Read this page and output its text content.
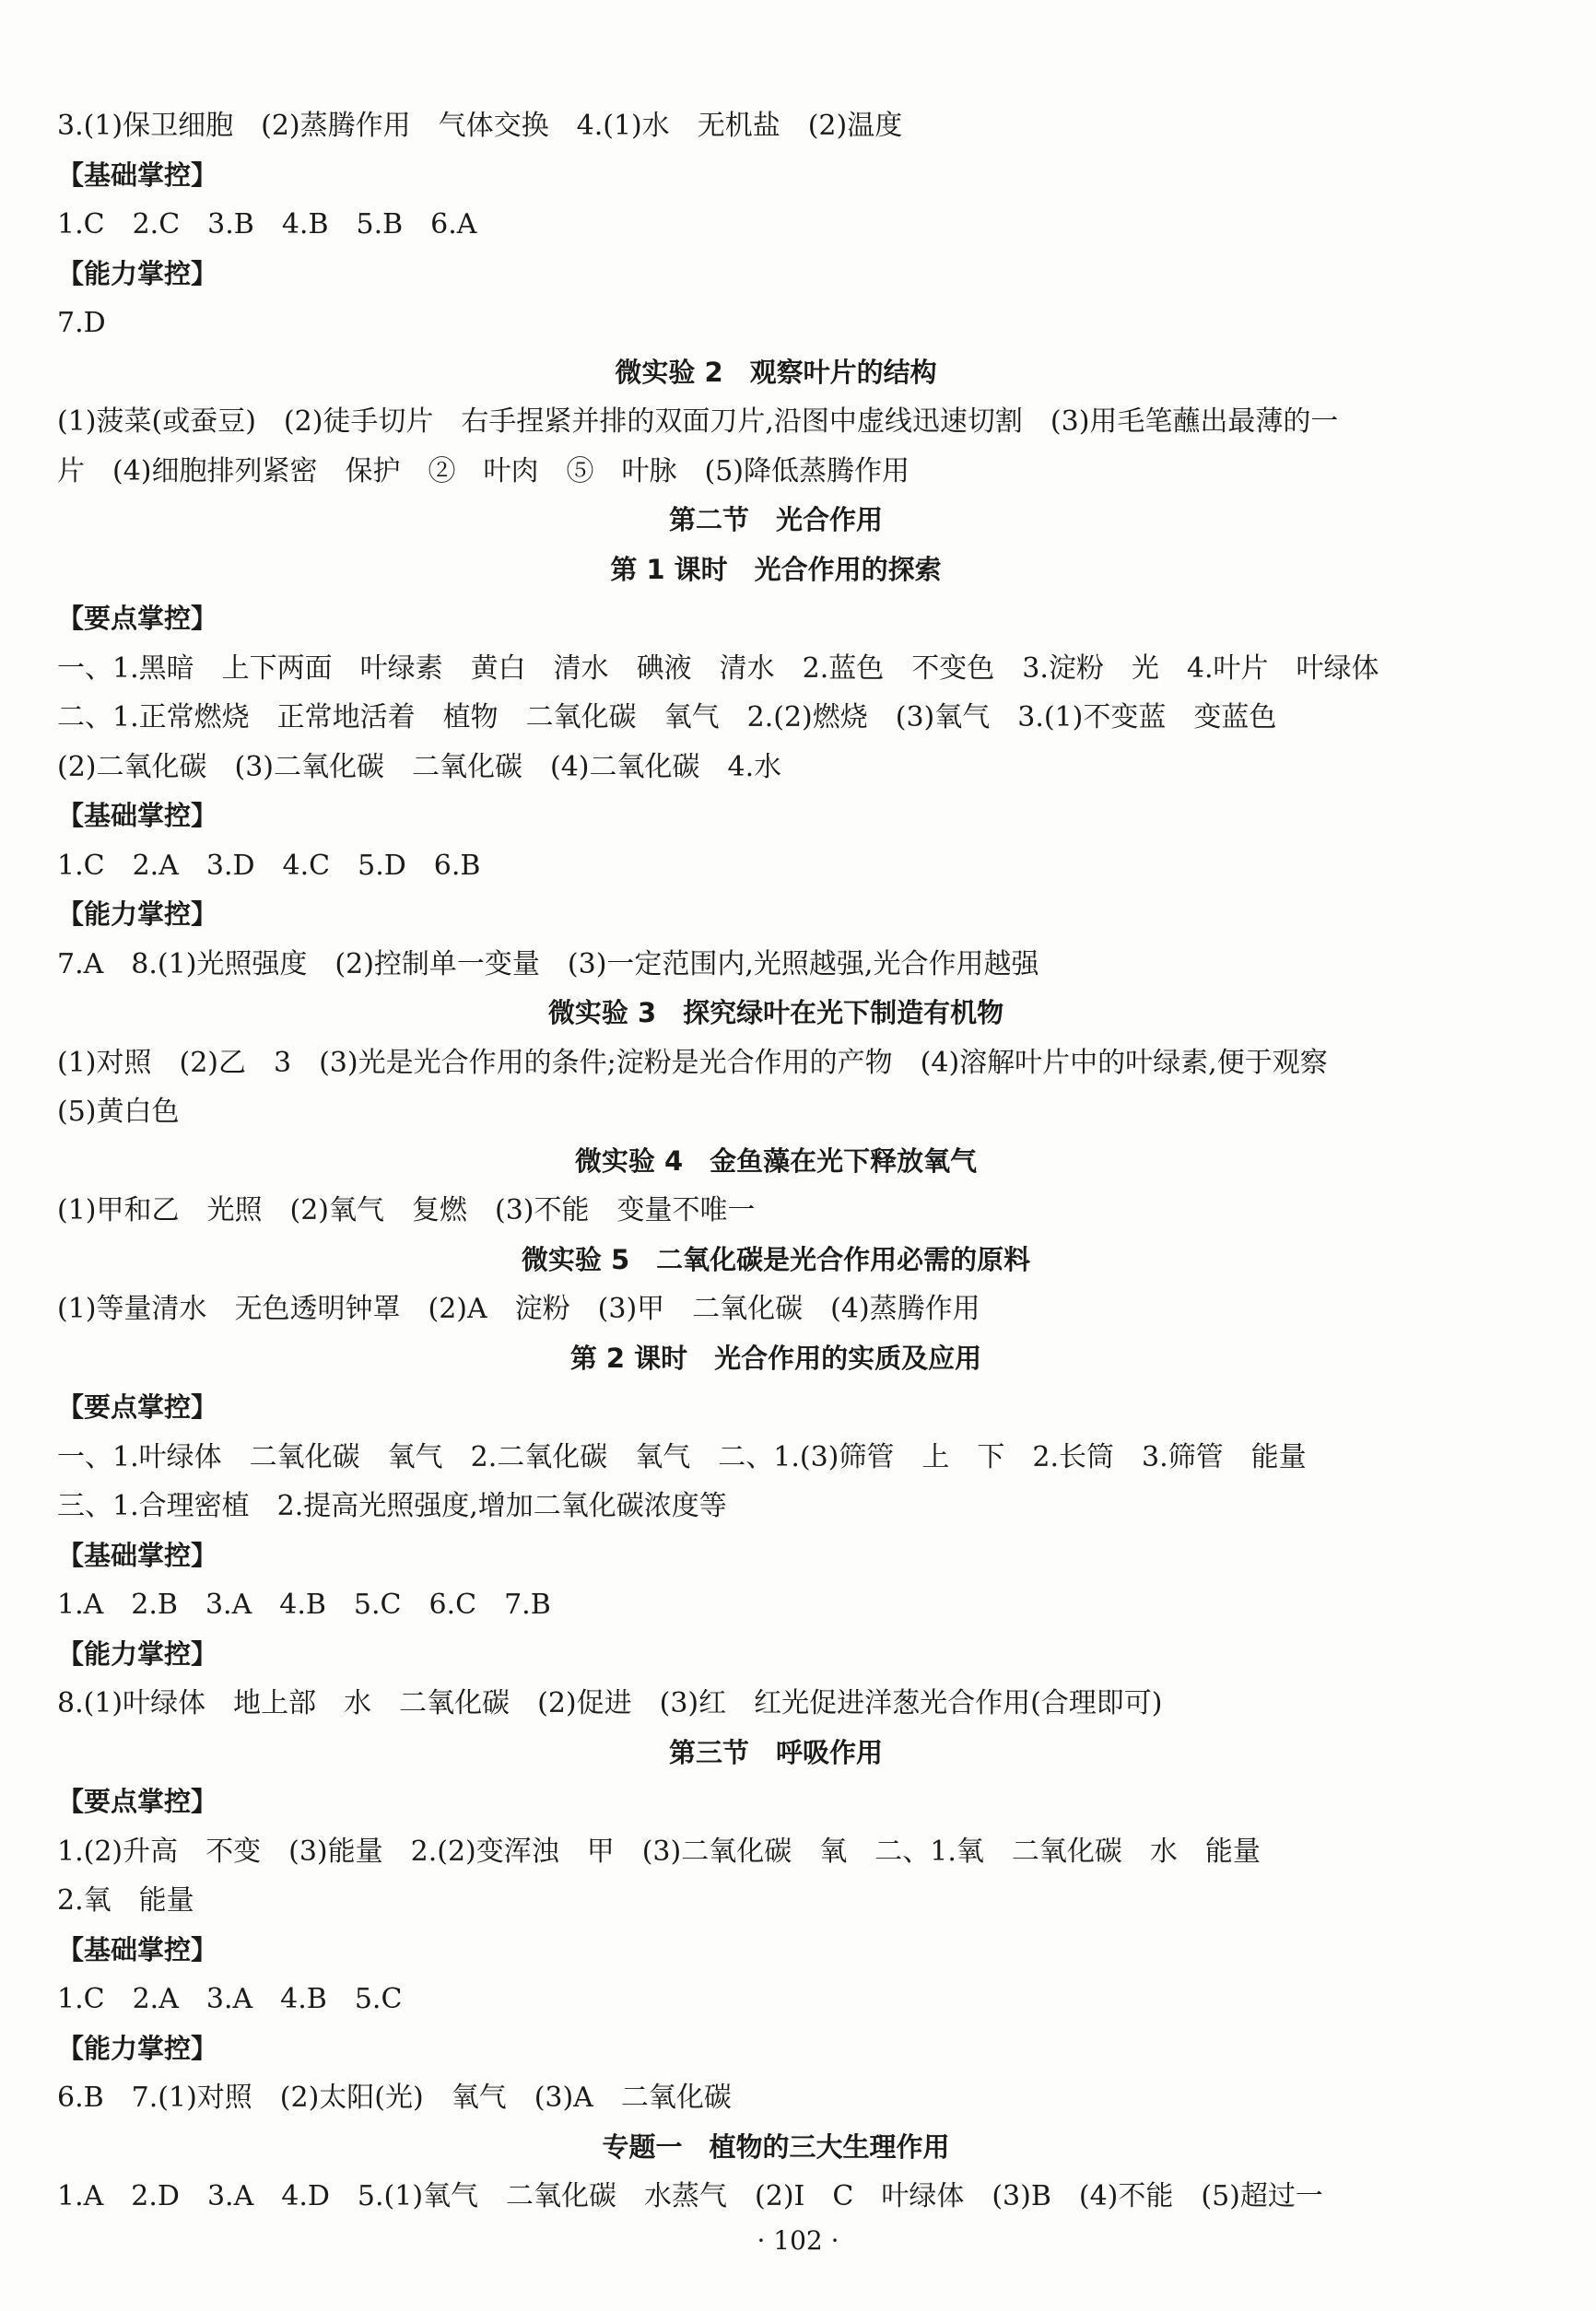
3.(1)保卫细胞　(2)蒸腾作用　气体交换　4.(1)水　无机盐　(2)温度
【基础掌控】
1.C　2.C　3.B　4.B　5.B　6.A
【能力掌控】
7.D
微实验 2　观察叶片的结构
(1)菠菜(或蚕豆)　(2)徒手切片　右手捏紧并排的双面刀片,沿图中虚线迅速切割　(3)用毛笔蘸出最薄的一
片　(4)细胞排列紧密　保护　②　叶肉　⑤　叶脉　(5)降低蒸腾作用
第二节　光合作用
第 1 课时　光合作用的探索
【要点掌控】
一、1.黑暗　上下两面　叶绿素　黄白　清水　碘液　清水　2.蓝色　不变色　3.淀粉　光　4.叶片　叶绿体
二、1.正常燃烧　正常地活着　植物　二氧化碳　氧气　2.(2)燃烧　(3)氧气　3.(1)不变蓝　变蓝色
(2)二氧化碳　(3)二氧化碳　二氧化碳　(4)二氧化碳　4.水
【基础掌控】
1.C　2.A　3.D　4.C　5.D　6.B
【能力掌控】
7.A　8.(1)光照强度　(2)控制单一变量　(3)一定范围内,光照越强,光合作用越强
微实验 3　探究绿叶在光下制造有机物
(1)对照　(2)乙　3　(3)光是光合作用的条件;淀粉是光合作用的产物　(4)溶解叶片中的叶绿素,便于观察
(5)黄白色
微实验 4　金鱼藻在光下释放氧气
(1)甲和乙　光照　(2)氧气　复燃　(3)不能　变量不唯一
微实验 5　二氧化碳是光合作用必需的原料
(1)等量清水　无色透明钟罩　(2)A　淀粉　(3)甲　二氧化碳　(4)蒸腾作用
第 2 课时　光合作用的实质及应用
【要点掌控】
一、1.叶绿体　二氧化碳　氧气　2.二氧化碳　氧气　二、1.(3)筛管　上　下　2.长筒　3.筛管　能量
三、1.合理密植　2.提高光照强度,增加二氧化碳浓度等
【基础掌控】
1.A　2.B　3.A　4.B　5.C　6.C　7.B
【能力掌控】
8.(1)叶绿体　地上部　水　二氧化碳　(2)促进　(3)红　红光促进洋葱光合作用(合理即可)
第三节　呼吸作用
【要点掌控】
1.(2)升高　不变　(3)能量　2.(2)变浑浊　甲　(3)二氧化碳　氧　二、1.氧　二氧化碳　水　能量
2.氧　能量
【基础掌控】
1.C　2.A　3.A　4.B　5.C
【能力掌控】
6.B　7.(1)对照　(2)太阳(光)　氧气　(3)A　二氧化碳
专题一　植物的三大生理作用
1.A　2.D　3.A　4.D　5.(1)氧气　二氧化碳　水蒸气　(2)Ⅰ　C　叶绿体　(3)B　(4)不能　(5)超过一
· 102 ·
